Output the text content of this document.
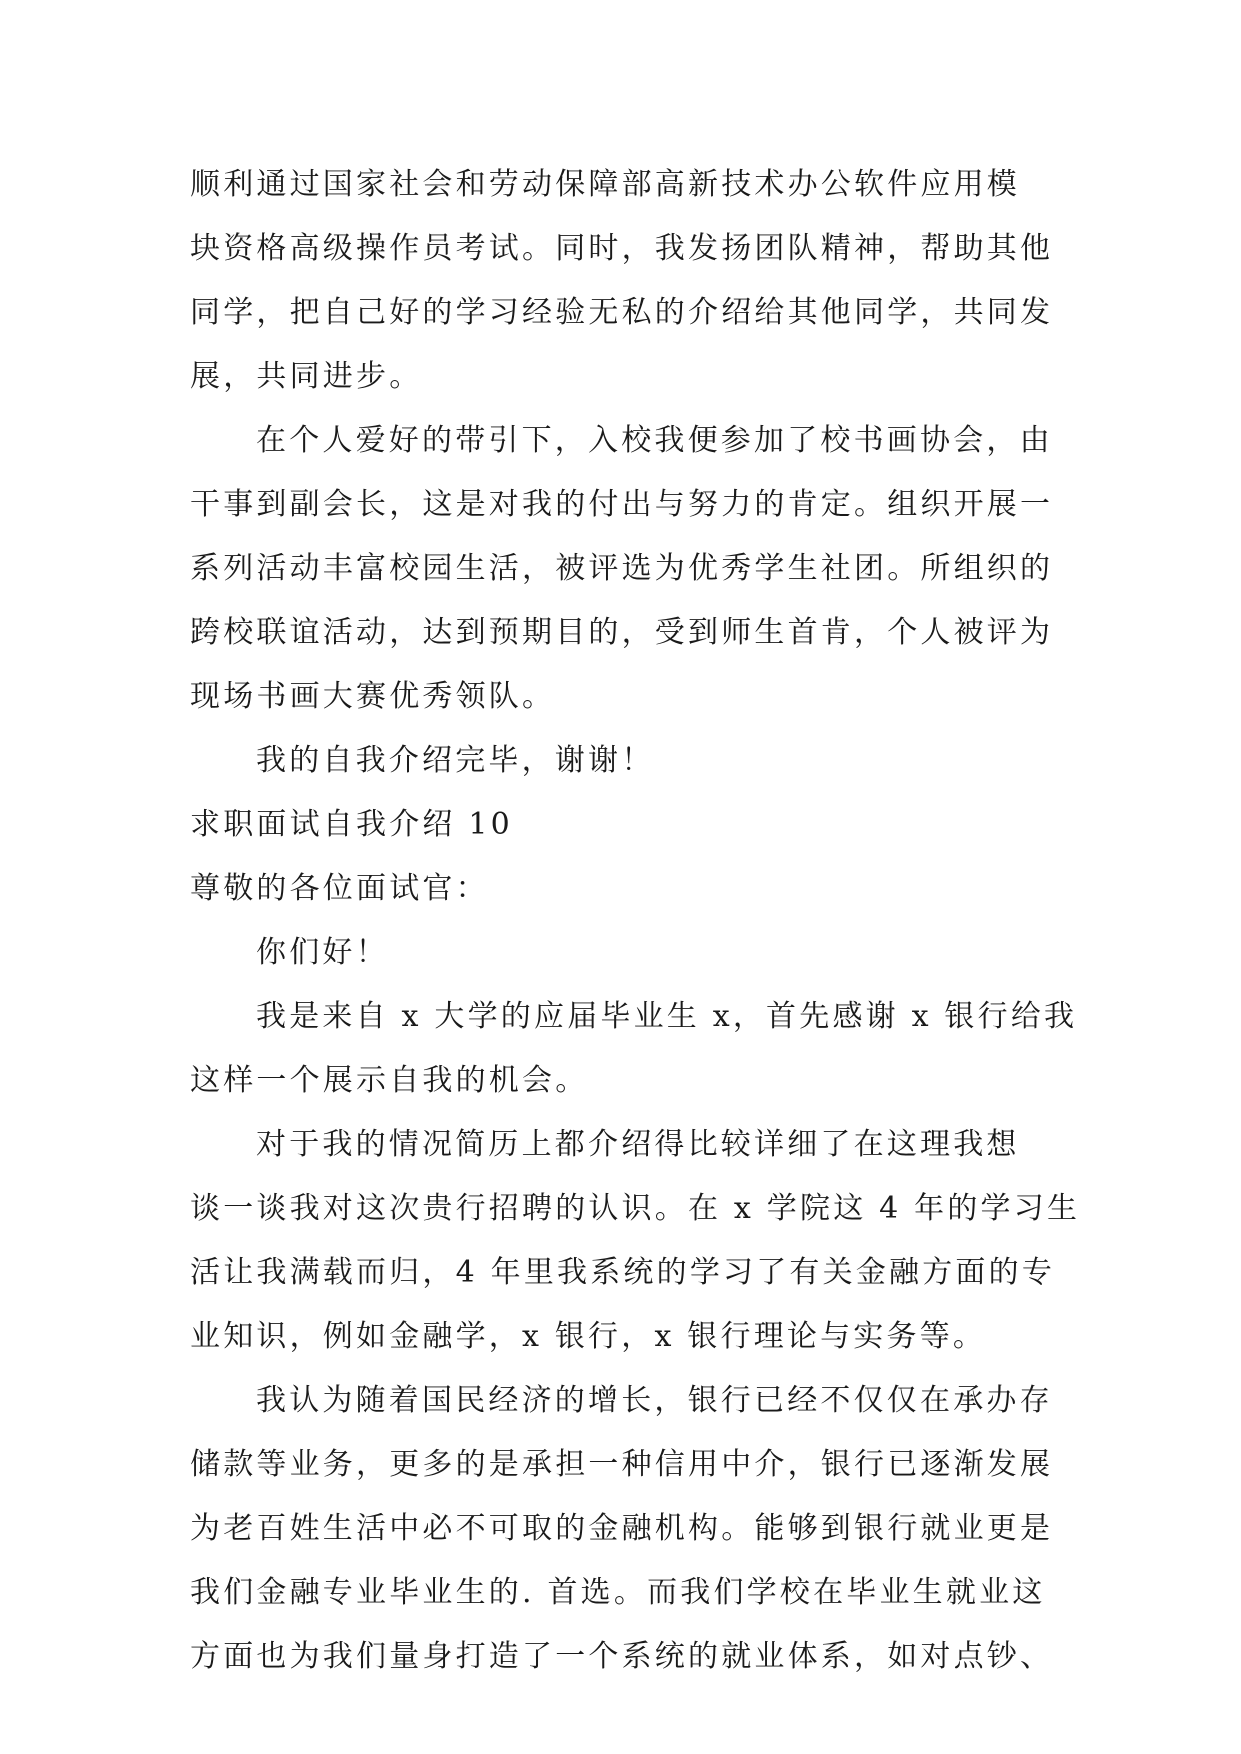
顺利通过国家社会和劳动保障部高新技术办公软件应用模
块资格高级操作员考试。同时，我发扬团队精神，帮助其他
同学，把自己好的学习经验无私的介绍给其他同学，共同发
展，共同进步。
在个人爱好的带引下，入校我便参加了校书画协会，由
干事到副会长，这是对我的付出与努力的肯定。组织开展一
系列活动丰富校园生活，被评选为优秀学生社团。所组织的
跨校联谊活动，达到预期目的，受到师生首肯，个人被评为
现场书画大赛优秀领队。
我的自我介绍完毕，谢谢！
求职面试自我介绍 10
尊敬的各位面试官：
你们好！
我是来自 x 大学的应届毕业生 x，首先感谢 x 银行给我
这样一个展示自我的机会。
对于我的情况简历上都介绍得比较详细了在这理我想
谈一谈我对这次贵行招聘的认识。在 x 学院这 4 年的学习生
活让我满载而归，4 年里我系统的学习了有关金融方面的专
业知识，例如金融学，x 银行，x 银行理论与实务等。
我认为随着国民经济的增长，银行已经不仅仅在承办存
储款等业务，更多的是承担一种信用中介，银行已逐渐发展
为老百姓生活中必不可取的金融机构。能够到银行就业更是
我们金融专业毕业生的. 首选。而我们学校在毕业生就业这
方面也为我们量身打造了一个系统的就业体系，如对点钞、
